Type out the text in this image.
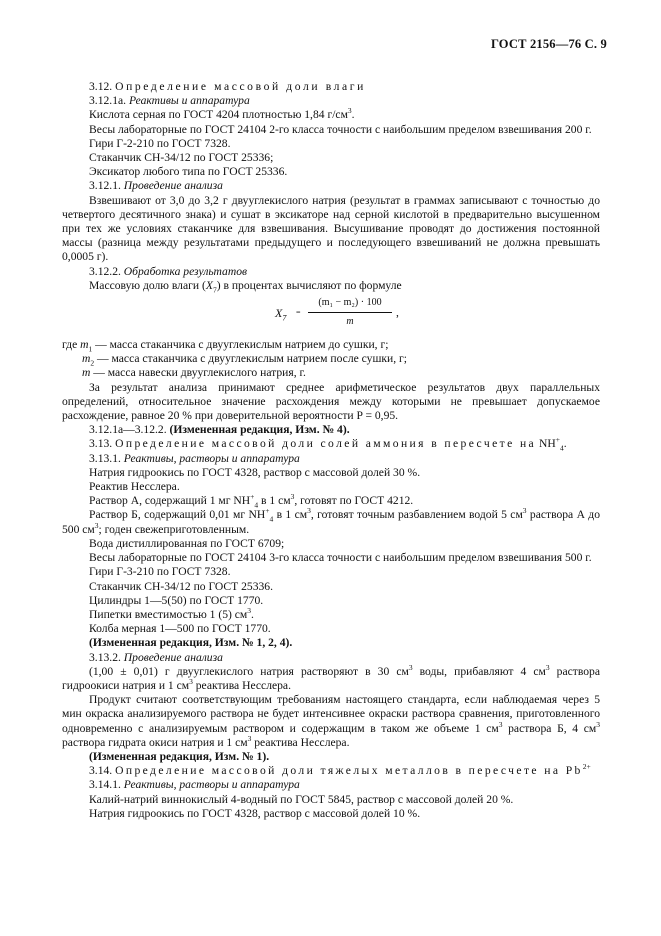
ГОСТ 2156—76 С. 9

3.12. Определение массовой доли влаги

3.12.1а. Реактивы и аппаратура

Кислота серная по ГОСТ 4204 плотностью 1,84 $г/см^3$.

Весы лабораторные по ГОСТ 24104 2-го класса точности с наибольшим пределом взвешивания 200 г.

Гири Г-2-210 по ГОСТ 7328.

Стаканчик СН-34/12 по ГОСТ 25336;

Эксикатор любого типа по ГОСТ 25336.

3.12.1. Проведение анализа

Взвешивают от 3,0 до 3,2 г двууглекислого натрия (результат в граммах записывают с точностью до четвертого десятичного знака) и сушат в эксикаторе над серной кислотой в предварительно высушенном при тех же условиях стаканчике для взвешивания. Высушивание проводят до достижения постоянной массы (разница между результатами предыдущего и последующего взвешиваний не должна превышать 0,0005 г).

3.12.2. Обработка результатов

Массовую долю влаги $(X_7)$ в процентах вычисляют по формуле

$X_7$
= $\frac{\text{(m₁ − m₂) · 100}}{m}$ ,

где $m_1$ — масса стаканчика с двууглекислым натрием до сушки, г;

$m_2$ — масса стаканчика с двууглекислым натрием после сушки, г;

m — масса навески двууглекислого натрия, г.

За результат анализа принимают среднее арифметическое результатов двух параллельных определений, относительное значение расхождения между которыми не превышает допускаемое расхождение, равное 20 % при доверительной вероятности P = 0,95.

3.12.1а—3.12.2. (Измененная редакция, Изм. № 4).

3.13. Определение массовой доли солей аммония в пересчете на $NH^+_4$.

3.13.1. Реактивы, растворы и аппаратура

Натрия гидроокись по ГОСТ 4328, раствор с массовой долей 30 %.

Реактив Несслера.

Раствор А, содержащий 1 мг $NH^+_4$ в 1 $см^3$, готовят по ГОСТ 4212.

Раствор Б, содержащий 0,01 мг $NH^+_4$ в 1 $см^3$, готовят точным разбавлением водой 5 $см^3$ раствора А до 500 $см^3$; годен свежеприготовленным.

Вода дистиллированная по ГОСТ 6709;

Весы лабораторные по ГОСТ 24104 3-го класса точности с наибольшим пределом взвешивания 500 г.

Гири Г-3-210 по ГОСТ 7328.

Стаканчик СН-34/12 по ГОСТ 25336.

Цилиндры 1—5(50) по ГОСТ 1770.

Пипетки вместимостью 1 (5) $см^3$.

Колба мерная 1—500 по ГОСТ 1770.

(Измененная редакция, Изм. № 1, 2, 4).

3.13.2. Проведение анализа

(1,00 ± 0,01) г двууглекислого натрия растворяют в 30 $см^3$ воды, прибавляют 4 $см^3$ раствора гидроокиси натрия и 1 $см^3$ реактива Несслера.

Продукт считают соответствующим требованиям настоящего стандарта, если наблюдаемая через 5 мин окраска анализируемого раствора не будет интенсивнее окраски раствора сравнения, приготовленного одновременно с анализируемым раствором и содержащим в таком же объеме 1 $см^3$ раствора Б, 4 $см^3$ раствора гидрата окиси натрия и 1 $см^3$ реактива Несслера.

(Измененная редакция, Изм. № 1).

3.14. Определение массовой доли тяжелых металлов в пересчете на $Pb^{2+}$

3.14.1. Реактивы, растворы и аппаратура

Калий-натрий виннокислый 4-водный по ГОСТ 5845, раствор с массовой долей 20 %.

Натрия гидроокись по ГОСТ 4328, раствор с массовой долей 10 %.
